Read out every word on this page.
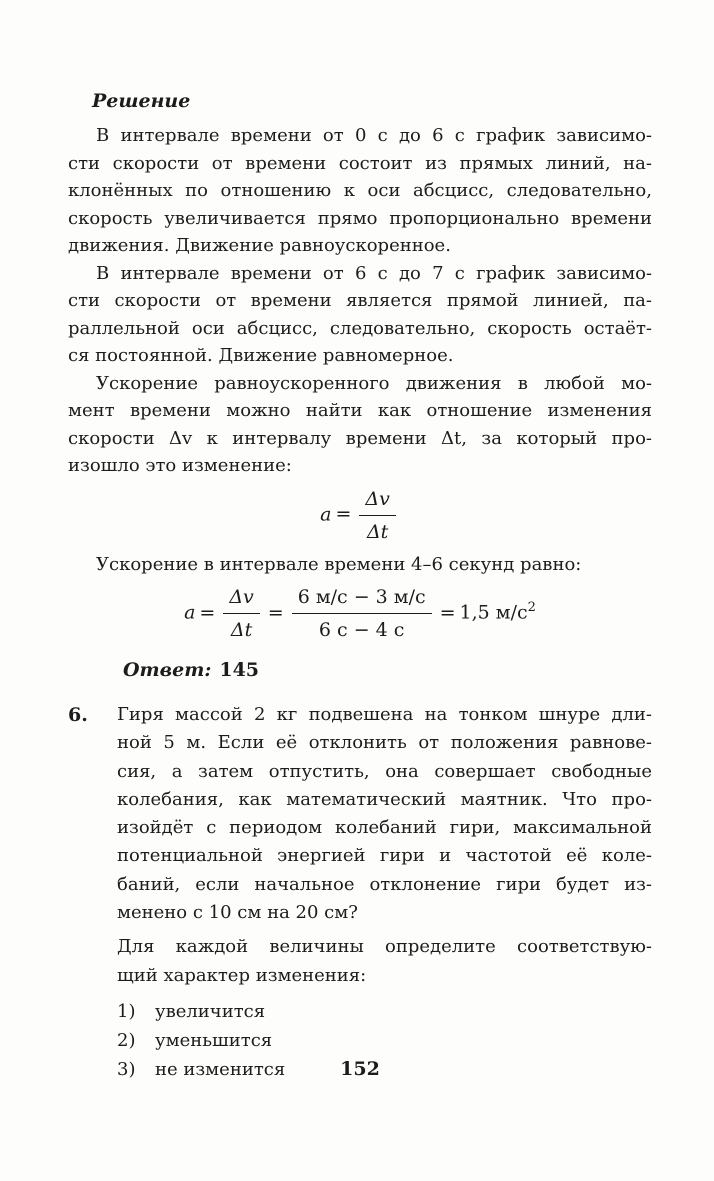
Решение
В интервале времени от 0 с до 6 с график зависимо-
сти скорости от времени состоит из прямых линий, на-
клонённых по отношению к оси абсцисс, следовательно,
скорость увеличивается прямо пропорционально времени
движения. Движение равноускоренное.
В интервале времени от 6 с до 7 с график зависимо-
сти скорости от времени является прямой линией, па-
раллельной оси абсцисс, следовательно, скорость остаёт-
ся постоянной. Движение равномерное.
Ускорение равноускоренного движения в любой мо-
мент времени можно найти как отношение изменения
скорости Δv к интервалу времени Δt, за который про-
изошло это изменение:
$a = \frac{\Delta v}{\Delta t}$
Ускорение в интервале времени 4–6 секунд равно:
$a = \frac{\Delta v}{\Delta t} = \frac{6 м/с - 3 м/с}{6 с - 4 с} = 1,5$ $м/с^2$
Ответ: 145
6.	Гиря массой 2 кг подвешена на тонком шнуре дли-
ной 5 м. Если её отклонить от положения равнове-
сия, а затем отпустить, она совершает свободные
колебания, как математический маятник. Что про-
изойдёт с периодом колебаний гири, максимальной
потенциальной энергией гири и частотой её коле-
баний, если начальное отклонение гири будет из-
менено с 10 см на 20 см?
Для каждой величины определите соответствую-
щий характер изменения:
1)	увеличится
2)	уменьшится
3)	не изменится	152
